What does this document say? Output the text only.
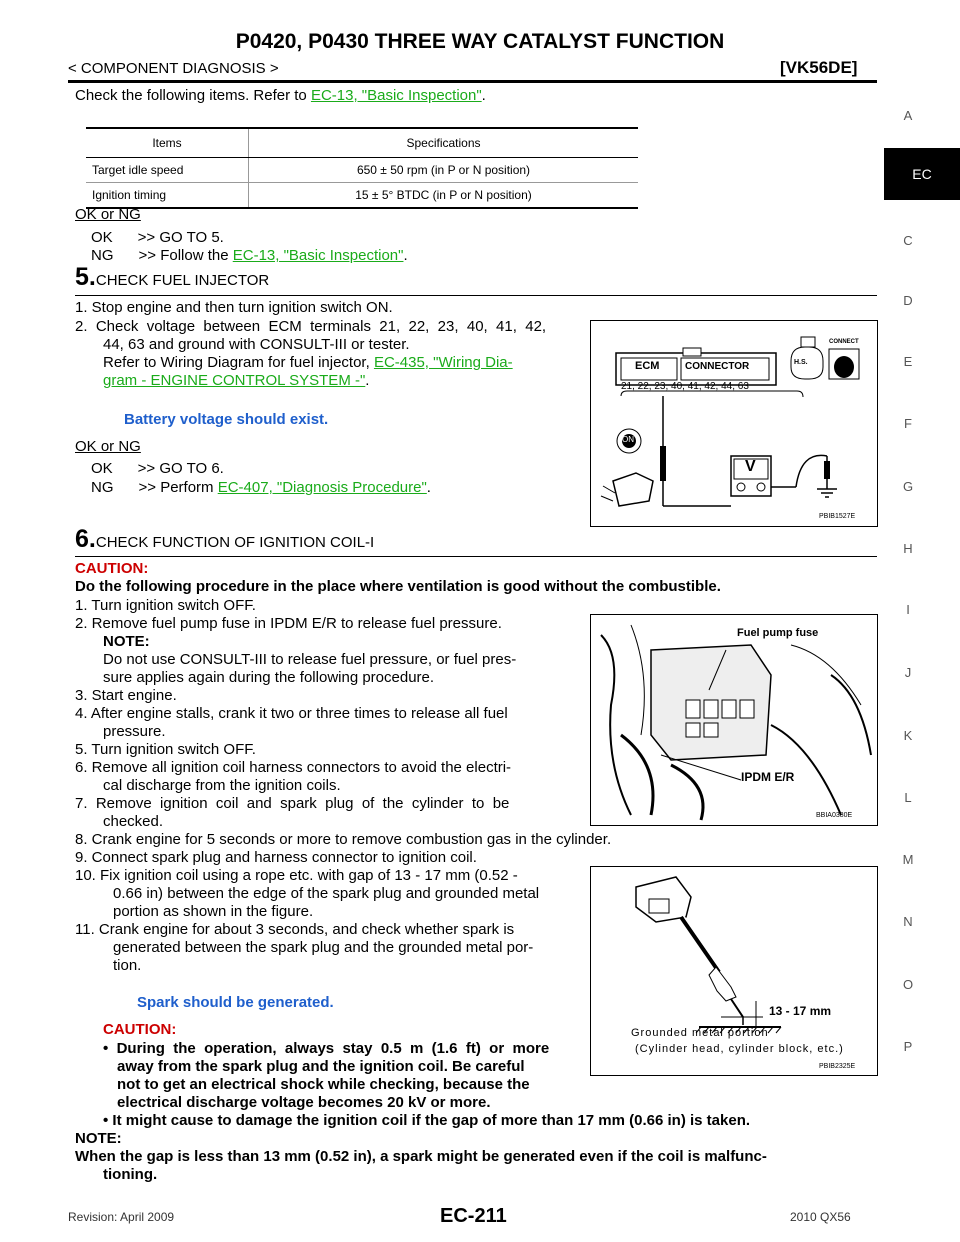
P0420, P0430 THREE WAY CATALYST FUNCTION
< COMPONENT DIAGNOSIS >	[VK56DE]
Check the following items. Refer to EC-13, "Basic Inspection".
Items	Specifications
Target idle speed	650 ± 50 rpm (in P or N position)
Ignition timing	15 ± 5° BTDC (in P or N position)
OK or NG
OK      >> GO TO 5.
NG      >> Follow the EC-13, "Basic Inspection".
5.CHECK FUEL INJECTOR
1. Stop engine and then turn ignition switch ON.
2.  Check  voltage  between  ECM  terminals  21,  22,  23,  40,  41,  42,
44, 63 and ground with CONSULT-III or tester.
Refer to Wiring Diagram for fuel injector, EC-435, "Wiring Dia-
gram - ENGINE CONTROL SYSTEM -".
Battery voltage should exist.
OK or NG
OK      >> GO TO 6.
NG      >> Perform EC-407, "Diagnosis Procedure".
ECM	CONNECTOR	H.S.
CONNECT
21, 22, 23, 40, 41, 42, 44, 63
ON
V
PBIB1527E
6.CHECK FUNCTION OF IGNITION COIL-I
CAUTION:
Do the following procedure in the place where ventilation is good without the combustible.
1. Turn ignition switch OFF.
2. Remove fuel pump fuse in IPDM E/R to release fuel pressure.
NOTE:
Do not use CONSULT-III to release fuel pressure, or fuel pres-
sure applies again during the following procedure.
3. Start engine.
4. After engine stalls, crank it two or three times to release all fuel
pressure.
5. Turn ignition switch OFF.
6. Remove all ignition coil harness connectors to avoid the electri-
cal discharge from the ignition coils.
7.  Remove  ignition  coil  and  spark  plug  of  the  cylinder  to  be
checked.
8. Crank engine for 5 seconds or more to remove combustion gas in the cylinder.
9. Connect spark plug and harness connector to ignition coil.
10. Fix ignition coil using a rope etc. with gap of 13 - 17 mm (0.52 -
0.66 in) between the edge of the spark plug and grounded metal
portion as shown in the figure.
11. Crank engine for about 3 seconds, and check whether spark is
generated between the spark plug and the grounded metal por-
tion.
Spark should be generated.
CAUTION:
•  During  the  operation,  always  stay  0.5  m  (1.6  ft)  or  more
away from the spark plug and the ignition coil. Be careful
not to get an electrical shock while checking, because the
electrical discharge voltage becomes 20 kV or more.
• It might cause to damage the ignition coil if the gap of more than 17 mm (0.66 in) is taken.
NOTE:
When the gap is less than 13 mm (0.52 in), a spark might be generated even if the coil is malfunc-
tioning.
Fuel pump fuse
IPDM E/R
BBIA0380E
13 - 17 mm
Grounded metal portion
(Cylinder head, cylinder block, etc.)
PBIB2325E
EC
A
C
D
E
F
G
H
I
J
K
L
M
N
O
P
Revision: April 2009	EC-211	2010 QX56
